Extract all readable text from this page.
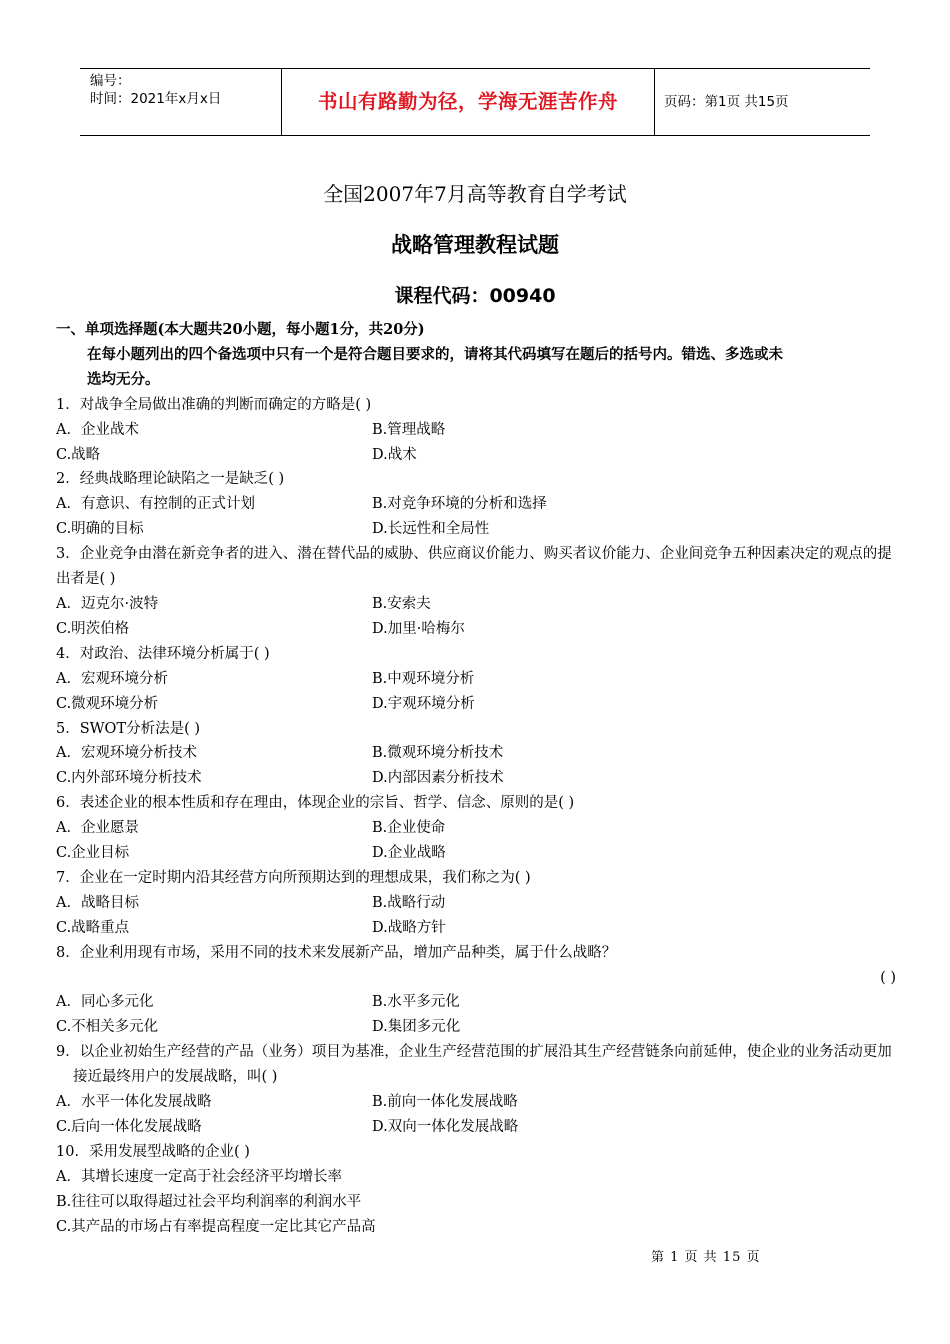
编号：
时间：2021年x月x日	书山有路勤为径，学海无涯苦作舟	页码：第1页 共15页
全国2007年7月高等教育自学考试
战略管理教程试题
课程代码：00940
一、单项选择题(本大题共20小题，每小题1分，共20分)
在每小题列出的四个备选项中只有一个是符合题目要求的，请将其代码填写在题后的括号内。错选、多选或未
选均无分。
1．对战争全局做出准确的判断而确定的方略是( )
A．企业战术	B.管理战略
C.战略	D.战术
2．经典战略理论缺陷之一是缺乏( )
A．有意识、有控制的正式计划	B.对竞争环境的分析和选择
C.明确的目标	D.长远性和全局性
3．企业竞争由潜在新竞争者的进入、潜在替代品的威胁、供应商议价能力、购买者议价能力、企业间竞争五种因素决定的观点的提出者是( )
A．迈克尔·波特	B.安索夫
C.明茨伯格	D.加里·哈梅尔
4．对政治、法律环境分析属于( )
A．宏观环境分析	B.中观环境分析
C.微观环境分析	D.宇观环境分析
5．SWOT分析法是( )
A．宏观环境分析技术	B.微观环境分析技术
C.内外部环境分析技术	D.内部因素分析技术
6．表述企业的根本性质和存在理由，体现企业的宗旨、哲学、信念、原则的是( )
A．企业愿景	B.企业使命
C.企业目标	D.企业战略
7．企业在一定时期内沿其经营方向所预期达到的理想成果，我们称之为( )
A．战略目标	B.战略行动
C.战略重点	D.战略方针
8．企业利用现有市场，采用不同的技术来发展新产品，增加产品种类，属于什么战略？
( )
A．同心多元化	B.水平多元化
C.不相关多元化	D.集团多元化
9．以企业初始生产经营的产品（业务）项目为基准，企业生产经营范围的扩展沿其生产经营链条向前延伸，使企业的业务活动更加接近最终用户的发展战略，叫( )
A．水平一体化发展战略	B.前向一体化发展战略
C.后向一体化发展战略	D.双向一体化发展战略
10．采用发展型战略的企业( )
A．其增长速度一定高于社会经济平均增长率
B.往往可以取得超过社会平均利润率的利润水平
C.其产品的市场占有率提高程度一定比其它产品高
第 1 页 共 15 页
